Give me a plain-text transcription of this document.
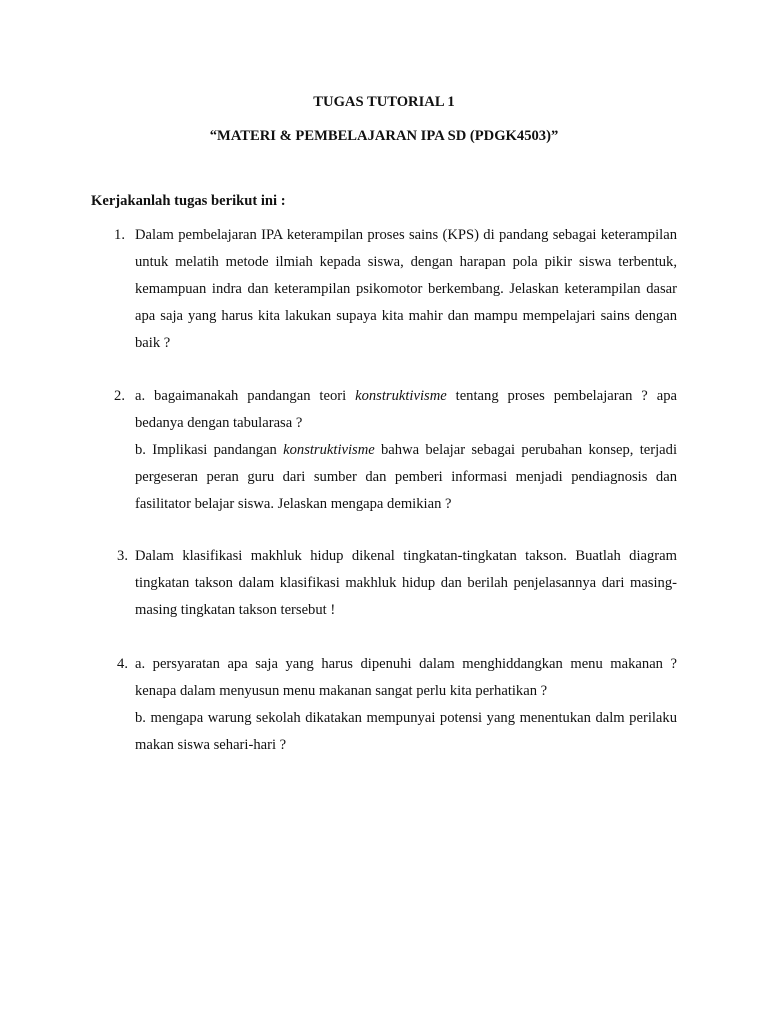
TUGAS TUTORIAL 1

“MATERI & PEMBELAJARAN IPA SD (PDGK4503)”

Kerjakanlah tugas berikut ini :

1. Dalam pembelajaran IPA keterampilan proses sains (KPS) di pandang sebagai keterampilan untuk melatih metode ilmiah kepada siswa, dengan harapan pola pikir siswa terbentuk, kemampuan indra dan keterampilan psikomotor berkembang. Jelaskan keterampilan dasar apa saja yang harus kita lakukan supaya kita mahir dan mampu mempelajari sains dengan baik ?

2. a. bagaimanakah pandangan teori konstruktivisme tentang proses pembelajaran ? apa bedanya dengan tabularasa ?

b. Implikasi pandangan konstruktivisme bahwa belajar sebagai perubahan konsep, terjadi pergeseran peran guru dari sumber dan pemberi informasi menjadi pendiagnosis dan fasilitator belajar siswa. Jelaskan mengapa demikian ?

3. Dalam klasifikasi makhluk hidup dikenal tingkatan-tingkatan takson. Buatlah diagram tingkatan takson dalam klasifikasi makhluk hidup dan berilah penjelasannya dari masing-masing tingkatan takson tersebut !

4. a. persyaratan apa saja yang harus dipenuhi dalam menghiddangkan menu makanan ? kenapa dalam menyusun menu makanan sangat perlu kita perhatikan ?

b. mengapa warung sekolah dikatakan mempunyai potensi yang menentukan dalm perilaku makan siswa sehari-hari ?
